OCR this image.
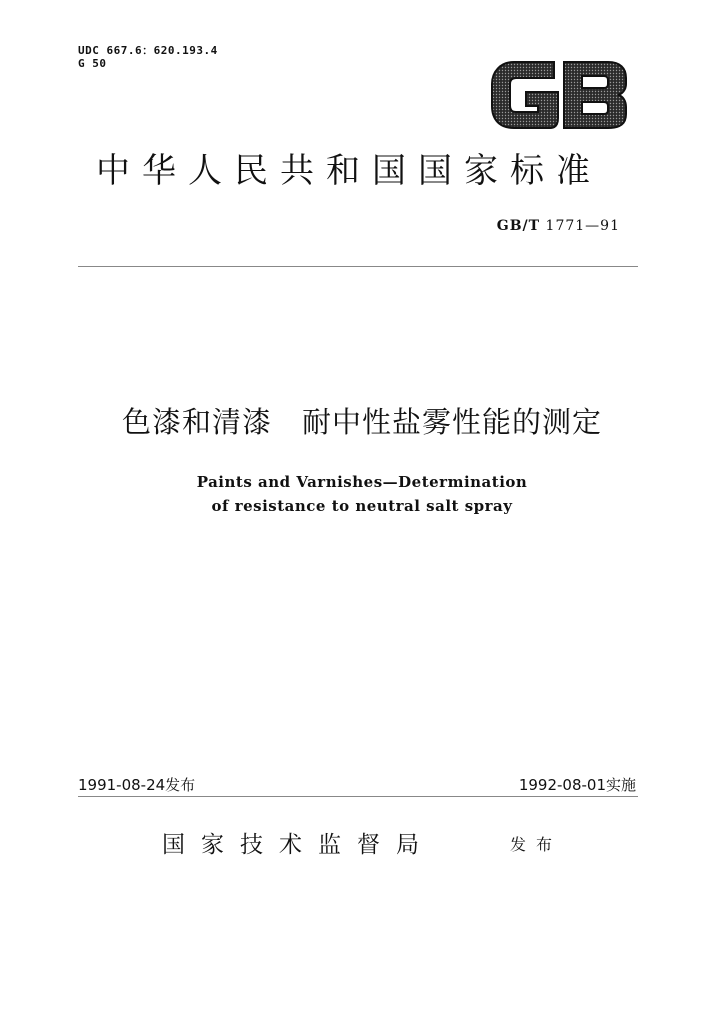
UDC 667.6：620.193.4
G 50
中华人民共和国国家标准
GB/T 1771—91
色漆和清漆　耐中性盐雾性能的测定
Paints and Varnishes—Determination
of resistance to neutral salt spray
1991-08-24发布	1992-08-01实施
国家技术监督局	发布
